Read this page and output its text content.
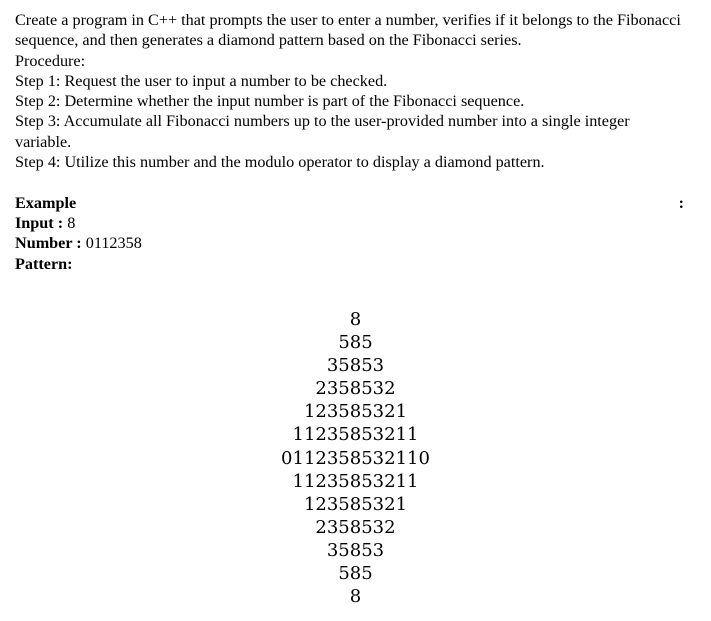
Create a program in C++ that prompts the user to enter a number, verifies if it belongs to the Fibonacci sequence, and then generates a diamond pattern based on the Fibonacci series.

Procedure:

Step 1: Request the user to input a number to be checked.

Step 2: Determine whether the input number is part of the Fibonacci sequence.

Step 3: Accumulate all Fibonacci numbers up to the user-provided number into a single integer variable.

Step 4: Utilize this number and the modulo operator to display a diamond pattern.

Example	:

Input : 8

Number : 0112358

Pattern:

8
585
35853
2358532
123585321
11235853211
0112358532110
11235853211
123585321
2358532
35853
585
8
